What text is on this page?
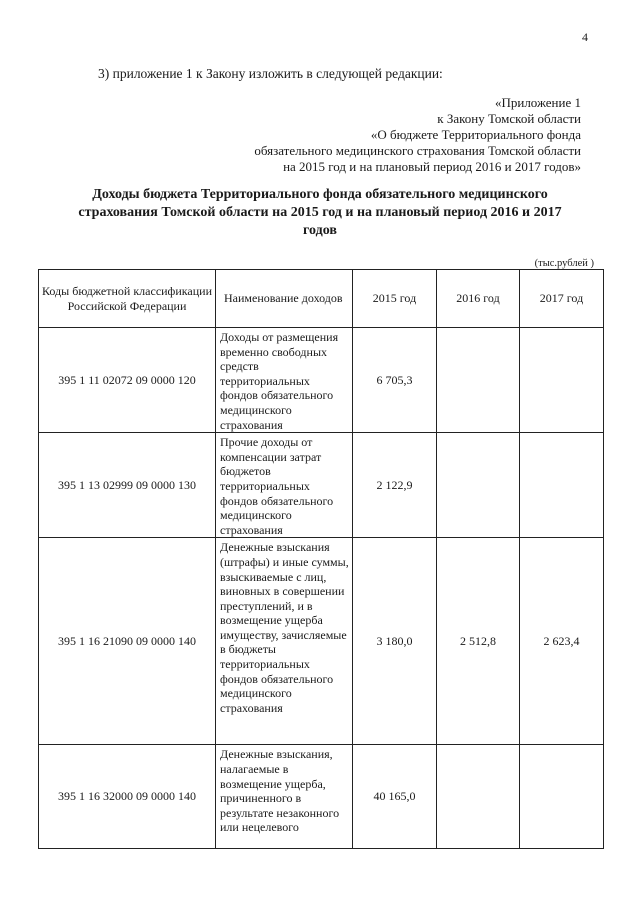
4
3) приложение 1 к Закону изложить в следующей редакции:
«Приложение 1
к Закону Томской области
«О бюджете Территориального фонда
обязательного медицинского страхования Томской области
на 2015 год и на плановый период 2016 и 2017 годов»
Доходы бюджета Территориального фонда обязательного медицинского
страхования Томской области на 2015 год и на плановый период 2016 и 2017
годов
(тыс.рублей )
Коды бюджетной классификации Российской Федерации	Наименование доходов	2015 год	2016 год	2017 год
395 1 11 02072 09 0000 120	Доходы от размещения временно свободных средств территориальных фондов обязательного медицинского страхования	6 705,3		
395 1 13 02999 09 0000 130	Прочие доходы от компенсации затрат бюджетов территориальных фондов обязательного медицинского страхования	2 122,9		
395 1 16 21090 09 0000 140	Денежные взыскания (штрафы) и иные суммы, взыскиваемые с лиц, виновных в совершении преступлений, и в возмещение ущерба имуществу, зачисляемые в бюджеты территориальных фондов обязательного медицинского страхования	3 180,0	2 512,8	2 623,4
395 1 16 32000 09 0000 140	Денежные взыскания, налагаемые в возмещение ущерба, причиненного в результате незаконного или нецелевого	40 165,0		
